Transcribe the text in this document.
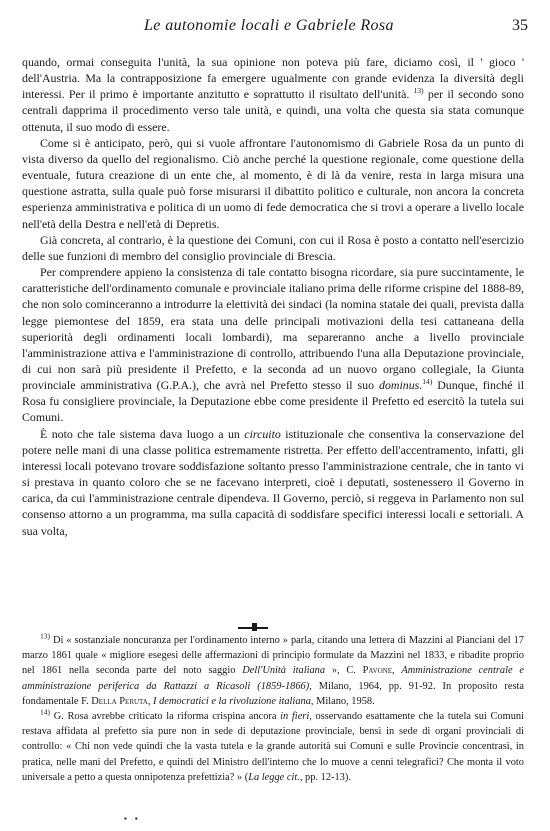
Le autonomie locali e Gabriele Rosa	35

quando, ormai conseguita l'unità, la sua opinione non poteva più fare, diciamo così, il ' gioco ' dell'Austria. Ma la contrapposizione fa emergere ugualmente con grande evidenza la diversità degli interessi. Per il primo è importante anzitutto e soprattutto il risultato dell'unità. $^{13)}$ per il secondo sono centrali dapprima il procedimento verso tale unità, e quindi, una volta che questa sia stata comunque ottenuta, il suo modo di essere.

Come si è anticipato, però, qui si vuole affrontare l'autonomismo di Gabriele Rosa da un punto di vista diverso da quello del regionalismo. Ciò anche perché la questione regionale, come questione della eventuale, futura creazione di un ente che, al momento, è di là da venire, resta in larga misura una questione astratta, sulla quale può forse misurarsi il dibattito politico e culturale, non ancora la concreta esperienza amministrativa e politica di un uomo di fede democratica che si trovi a operare a livello locale nell'età della Destra e nell'età di Depretis.

Già concreta, al contrario, è la questione dei Comuni, con cui il Rosa è posto a contatto nell'esercizio delle sue funzioni di membro del consiglio provinciale di Brescia.

Per comprendere appieno la consistenza di tale contatto bisogna ricordare, sia pure succintamente, le caratteristiche dell'ordinamento comunale e provinciale italiano prima delle riforme crispine del 1888-89, che non solo cominceranno a introdurre la elettività dei sindaci (la nomina statale dei quali, prevista dalla legge piemontese del 1859, era stata una delle principali motivazioni della tesi cattaneana della superiorità degli ordinamenti locali lombardi), ma separeranno anche a livello provinciale l'amministrazione attiva e l'amministrazione di controllo, attribuendo l'una alla Deputazione provinciale, di cui non sarà più presidente il Prefetto, e la seconda ad un nuovo organo collegiale, la Giunta provinciale amministrativa (G.P.A.), che avrà nel Prefetto stesso il suo dominus.$^{14)}$ Dunque, finché il Rosa fu consigliere provinciale, la Deputazione ebbe come presidente il Prefetto ed esercitò la tutela sui Comuni.

È noto che tale sistema dava luogo a un circuito istituzionale che consentiva la conservazione del potere nelle mani di una classe politica estremamente ristretta. Per effetto dell'accentramento, infatti, gli interessi locali potevano trovare soddisfazione soltanto presso l'amministrazione centrale, che in tanto vi si prestava in quanto coloro che se ne facevano interpreti, cioè i deputati, sostenessero il Governo in carica, da cui l'amministrazione centrale dipendeva. Il Governo, perciò, si reggeva in Parlamento non sul consenso attorno a un programma, ma sulla capacità di soddisfare specifici interessi locali e settoriali. A sua volta,

$^{13)}$ Di « sostanziale noncuranza per l'ordinamento interno » parla, citando una lettera di Mazzini al Pianciani del 17 marzo 1861 quale « migliore esegesi delle affermazioni di principio formulate da Mazzini nel 1833, e ribadite proprio nel 1861 nella seconda parte del noto saggio Dell'Unità italiana », C. Pavone, Amministrazione centrale e amministrazione periferica da Rattazzi a Ricasoli (1859-1866), Milano, 1964, pp. 91-92. In proposito resta fondamentale F. Della Peruta, I democratici e la rivoluzione italiana, Milano, 1958.

$^{14)}$ G. Rosa avrebbe criticato la riforma crispina ancora in fieri, osservando esattamente che la tutela sui Comuni restava affidata al prefetto sia pure non in sede di deputazione provinciale, bensì in sede di organi provinciali di controllo: « Chi non vede quindi che la vasta tutela e la grande autorità sui Comuni e sulle Provincie concentrasi, in pratica, nelle mani del Prefetto, e quindi del Ministro dell'interno che lo muove a cenni telegrafici? Che monta il voto universale a petto a questa onnipotenza prefettizia? » (La legge cit., pp. 12-13).

▪ ▪
